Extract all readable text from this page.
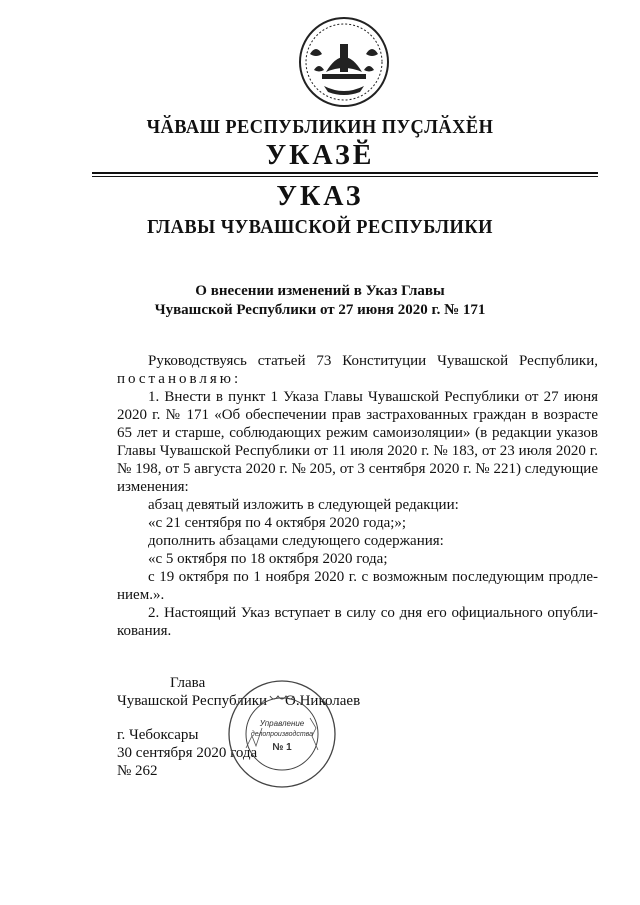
ЧӐВАШ РЕСПУБЛИКИН ПУҪЛӐХӖН
УКАЗӖ
УКАЗ
ГЛАВЫ ЧУВАШСКОЙ РЕСПУБЛИКИ
О внесении изменений в Указ Главы
Чувашской Республики от 27 июня 2020 г. № 171
Руководствуясь статьей 73 Конституции Чувашской Республики,
постановляю:
1. Внести в пункт 1 Указа Главы Чувашской Республики от 27 июня
2020 г. № 171 «Об обеспечении прав застрахованных граждан в возрасте
65 лет и старше, соблюдающих режим самоизоляции» (в редакции указов
Главы Чувашской Республики от 11 июля 2020 г. № 183, от 23 июля 2020 г.
№ 198, от 5 августа 2020 г. № 205, от 3 сентября 2020 г. № 221) следующие
изменения:
абзац девятый изложить в следующей редакции:
«с 21 сентября по 4 октября 2020 года;»;
дополнить абзацами следующего содержания:
«с 5 октября по 18 октября 2020 года;
с 19 октября по 1 ноября 2020 г. с возможным последующим продле-
нием.».
2. Настоящий Указ вступает в силу со дня его официального опубли-
кования.
Глава
Чувашской Республики О.Николаев
г. Чебоксары
30 сентября 2020 года
№ 262
Управление
делопроизводства
№ 1
